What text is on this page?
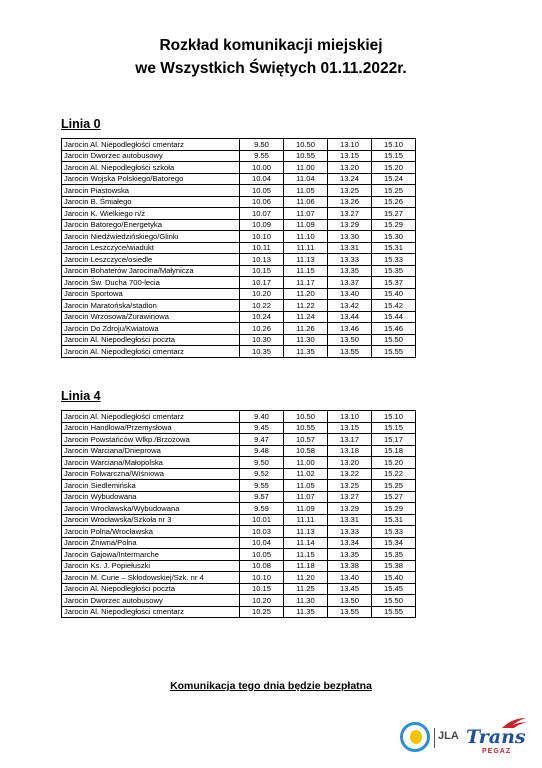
Rozkład komunikacji miejskiej
we Wszystkich Świętych 01.11.2022r.
Linia 0
Jarocin Al. Niepodległości cmentarz	9.50	10.50	13.10	15.10
Jarocin Dworzec autobusowy	9.55	10.55	13.15	15.15
Jarocin Al. Niepodległości szkoła	10.00	11.00	13.20	15.20
Jarocin Wojska Polskiego/Batorego	10.04	11.04	13.24	15.24
Jarocin Piastowska	10.05	11.05	13.25	15.25
Jarocin B. Śmiałego	10.06	11.06	13.26	15.26
Jarocin K. Wielkiego n/ż	10.07	11.07	13.27	15.27
Jarocin Batorego/Energetyka	10.09	11.09	13.29	15.29
Jarocin Niedźwiedzińskiego/Glinki	10.10	11.10	13.30	15.30
Jarocin Leszczyce/wiadukt	10.11	11.11	13.31	15.31
Jarocin Leszczyce/osiedle	10.13	11.13	13.33	15.33
Jarocin Bohaterów Jarocina/Małynicza	10.15	11.15	13.35	15.35
Jarocin Św. Ducha 700-lecia	10.17	11.17	13.37	15.37
Jarocin Sportowa	10.20	11.20	13.40	15.40
Jarocin Maratońska/stadion	10.22	11.22	13.42	15.42
Jarocin Wrzosowa/Żurawinowa	10.24	11.24	13.44	15.44
Jarocin Do Zdroju/Kwiatowa	10.26	11.26	13.46	15.46
Jarocin Al. Niepodległości poczta	10.30	11.30	13.50	15.50
Jarocin Al. Niepodległości cmentarz	10.35	11.35	13.55	15.55
Linia 4
Jarocin Al. Niepodległości cmentarz	9.40	10.50	13.10	15.10
Jarocin Handlowa/Przemysłowa	9.45	10.55	13.15	15.15
Jarocin Powstańców Wlkp./Brzozowa	9.47	10.57	13.17	15.17
Jarocin Warciana/Dnieprowa	9.48	10.58	13.18	15.18
Jarocin Warciana/Małopolska	9.50	11.00	13.20	15.20
Jarocin Folwarczna/Wiśniowa	9.52	11.02	13.22	15.22
Jarocin Siedlemińska	9.55	11.05	13.25	15.25
Jarocin Wybudowana	9.57	11.07	13.27	15.27
Jarocin Wrocławska/Wybudowana	9.59	11.09	13.29	15.29
Jarocin Wrocławska/Szkoła nr 3	10.01	11.11	13.31	15.31
Jarocin Polna/Wrocławska	10.03	11.13	13.33	15.33
Jarocin Żniwna/Polna	10.04	11.14	13.34	15.34
Jarocin Gajowa/Intermarche	10.05	11.15	13.35	15.35
Jarocin Ks. J. Popiełuszki	10.08	11.18	13.38	15.38
Jarocin M. Curie – Skłodowskiej/Szk. nr 4	10.10	11.20	13.40	15.40
Jarocin Al. Niepodległości poczta	10.15	11.25	13.45	15.45
Jarocin Dworzec autobusowy	10.20	11.30	13.50	15.50
Jarocin Al. Niepodległości cmentarz	10.25	11.35	13.55	15.55
Komunikacja tego dnia będzie bezpłatna
JLA Trans
PEGAZ
